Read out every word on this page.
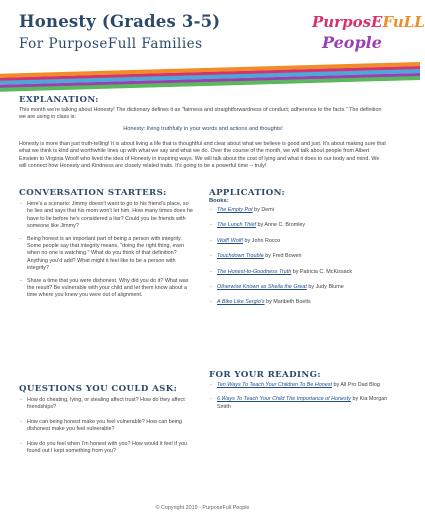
Honesty (Grades 3-5)
For PurposeFull Families
PurposEFuLL
People
EXPLANATION:
This month we're talking about Honesty! The dictionary defines it as "fairness and straightforwardness of conduct; adherence to the facts." The definition we are using in class is:
Honesty: living truthfully in your words and actions and thoughts!
Honesty is more than just truth-telling! It is about living a life that is thoughtful and clear about what we believe is good and just. It's about making sure that what we think is kind and worthwhile lines up with what we say and what we do. Over the course of the month, we will talk about people from Albert Einstein to Virginia Woolf who lived the idea of Honesty in inspiring ways. We will talk about the cost of lying and what it does to our body and mind. We will connect how Honesty and Kindness are closely related traits. It's going to be a powerful time -- truly!
CONVERSATION STARTERS:
- Here's a scenario: Jimmy doesn't want to go to his friend's place, so he lies and says that his mom won't let him. How many times does he have to lie before he's considered a liar? Could you be friends with someone like Jimmy?
- Being honest is an important part of being a person with integrity. Some people say that integrity means, "doing the right thing, even when no one is watching." What do you think of that definition? Anything you'd add? What might it feel like to be a person with integrity?
- Share a time that you were dishonest. Why did you do it? What was the result? Be vulnerable with your child and let them know about a time where you knew you were out of alignment.
QUESTIONS YOU COULD ASK:
- How do cheating, lying, or stealing affect trust? How do they affect friendships?
- How can being honest make you feel vulnerable? How can being dishonest make you feel vulnerable?
- How do you feel when I'm honest with you? How would it feel if you found out I kept something from you?
APPLICATION:
Books:
- The Empty Pot by Demi
- The Lunch Thief by Anne C. Bromley
- Wolf! Wolf! by John Rocco
- Touchdown Trouble by Fred Bowen
- The Honest-to-Goodness Truth by Patricia C. McKissack
- Otherwise Known as Sheila the Great by Judy Blume
- A Bike Like Sergio's by Maribeth Boelts
FOR YOUR READING:
- Ten Ways To Teach Your Children To Be Honest by All Pro Dad Blog
- 6 Ways To Teach Your Child The Importance of Honesty by Kia Morgan Smith
© Copyright 2019 - PurposeFull People
